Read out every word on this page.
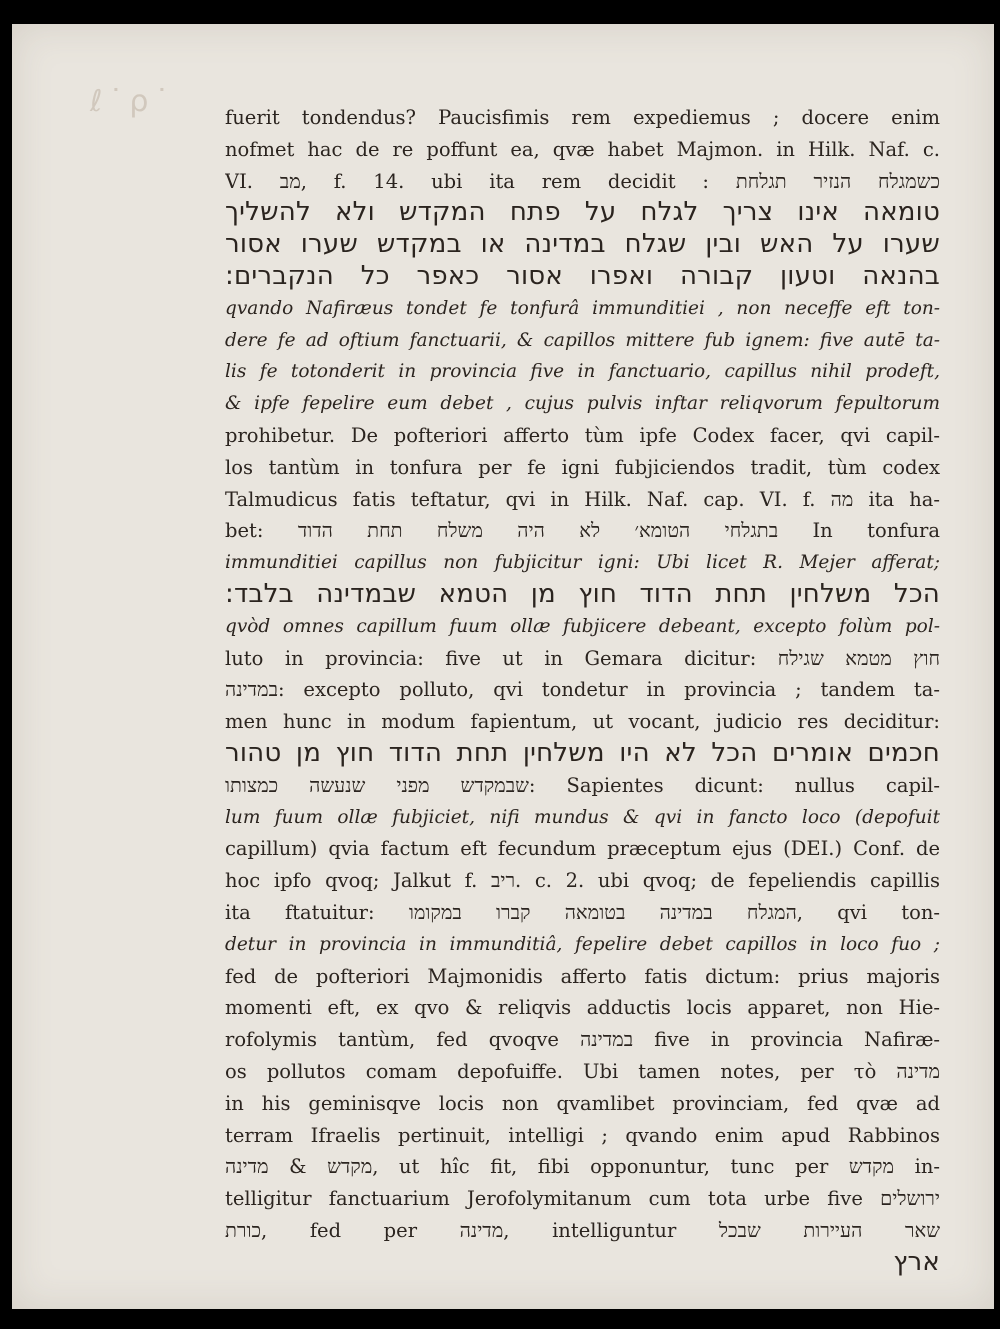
ℓ˙ρ˙	fuerit tondendus? Paucisfimis rem expediemus ; docere enim
nofmet hac de re poffunt ea, qvæ habet Majmon. in Hilk. Naf. c.
VI. מב, f. 14. ubi ita rem decidit : כשמגלח הנזיר תגלחת
טומאה אינו צריך לגלח על פתח המקדש ולא להשליך
שערו על האש ובין שגלח במדינה או במקדש שערו אסור
בהנאה וטעון קבורה ואפרו אסור כאפר כל הנקברים:
qvando Nafiræus tondet fe tonfurâ immunditiei , non neceffe eft ton-
dere fe ad oftium fanctuarii, & capillos mittere fub ignem: five autē ta-
lis fe totonderit in provincia five in fanctuario, capillus nihil prodeft,
& ipfe fepelire eum debet , cujus pulvis inftar reliqvorum fepultorum
prohibetur. De pofteriori afferto tùm ipfe Codex facer, qvi capil-
los tantùm in tonfura per fe igni fubjiciendos tradit, tùm codex
Talmudicus fatis teftatur, qvi in Hilk. Naf. cap. VI. f. מה ita ha-
bet: בתגלחי הטומא׳ לא היה משלח תחת הדוד In tonfura
immunditiei capillus non fubjicitur igni: Ubi licet R. Mejer afferat;
הכל משלחין תחת הדוד חוץ מן הטמא שבמדינה בלבד:
qvòd omnes capillum fuum ollæ fubjicere debeant, excepto folùm pol-
luto in provincia: five ut in Gemara dicitur: חוץ מטמא שגילח
במדינה: excepto polluto, qvi tondetur in provincia ; tandem ta-
men hunc in modum fapientum, ut vocant, judicio res deciditur:
חכמים אומרים הכל לא היו משלחין תחת הדוד חוץ מן טהור
שבמקדש מפני שנעשה כמצותו: Sapientes dicunt: nullus capil-
lum fuum ollæ fubjiciet, nifi mundus & qvi in fancto loco (depofuit
capillum) qvia factum eft fecundum præceptum ejus (DEI.) Conf. de
hoc ipfo qvoq; Jalkut f. ריב. c. 2. ubi qvoq; de fepeliendis capillis
ita ftatuitur: המגלח במדינה בטומאה קברו במקומו, qvi ton-
detur in provincia in immunditiâ, fepelire debet capillos in loco fuo ;
fed de pofteriori Majmonidis afferto fatis dictum: prius majoris
momenti eft, ex qvo & reliqvis adductis locis apparet, non Hie-
rofolymis tantùm, fed qvoqve במדינה five in provincia Nafiræ-
os pollutos comam depofuiffe. Ubi tamen notes, per τὸ מדינה
in his geminisqve locis non qvamlibet provinciam, fed qvæ ad
terram Ifraelis pertinuit, intelligi ; qvando enim apud Rabbinos
מקדש & מדינה, ut hîc fit, fibi opponuntur, tunc per מקדש in-
telligitur fanctuarium Jerofolymitanum cum tota urbe five ירושלים
כורת, fed per מדינה, intelliguntur שאר העיירות שבכל
ארץ
